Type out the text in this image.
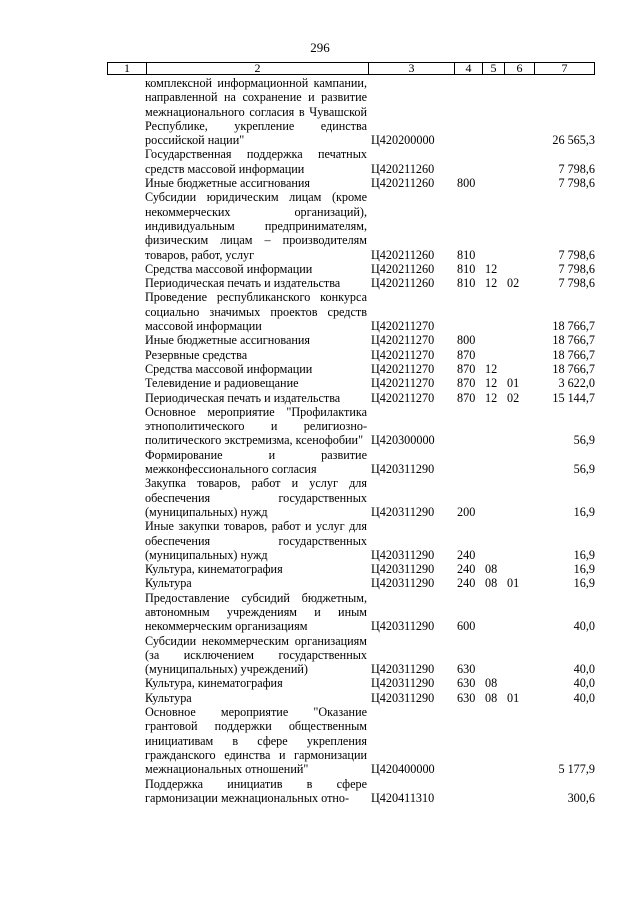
296
1	2	3	4	5	6	7
	комплексной информационной кампании, направленной на сохранение и развитие межнационального согласия в Чувашской Республике, укрепление единства российской нации"	Ц420200000				26 565,3
	Государственная поддержка печатных средств массовой информации	Ц420211260				7 798,6
	Иные бюджетные ассигнования	Ц420211260	800			7 798,6
	Субсидии юридическим лицам (кроме некоммерческих организаций), индивидуальным предпринимателям, физическим лицам – производителям товаров, работ, услуг	Ц420211260	810			7 798,6
	Средства массовой информации	Ц420211260	810	12		7 798,6
	Периодическая печать и издательства	Ц420211260	810	12	02	7 798,6
	Проведение республиканского конкурса социально значимых проектов средств массовой информации	Ц420211270				18 766,7
	Иные бюджетные ассигнования	Ц420211270	800			18 766,7
	Резервные средства	Ц420211270	870			18 766,7
	Средства массовой информации	Ц420211270	870	12		18 766,7
	Телевидение и радиовещание	Ц420211270	870	12	01	3 622,0
	Периодическая печать и издательства	Ц420211270	870	12	02	15 144,7
	Основное мероприятие "Профилактика этнополитического и религиозно-политического экстремизма, ксенофобии"	Ц420300000				56,9
	Формирование и развитие межконфессионального согласия	Ц420311290				56,9
	Закупка товаров, работ и услуг для обеспечения государственных (муниципальных) нужд	Ц420311290	200			16,9
	Иные закупки товаров, работ и услуг для обеспечения государственных (муниципальных) нужд	Ц420311290	240			16,9
	Культура, кинематография	Ц420311290	240	08		16,9
	Культура	Ц420311290	240	08	01	16,9
	Предоставление субсидий бюджетным, автономным учреждениям и иным некоммерческим организациям	Ц420311290	600			40,0
	Субсидии некоммерческим организациям (за исключением государственных (муниципальных) учреждений)	Ц420311290	630			40,0
	Культура, кинематография	Ц420311290	630	08		40,0
	Культура	Ц420311290	630	08	01	40,0
	Основное мероприятие "Оказание грантовой поддержки общественным инициативам в сфере укрепления гражданского единства и гармонизации межнациональных отношений"	Ц420400000				5 177,9
	Поддержка инициатив в сфере гармонизации межнациональных отно-	Ц420411310				300,6
